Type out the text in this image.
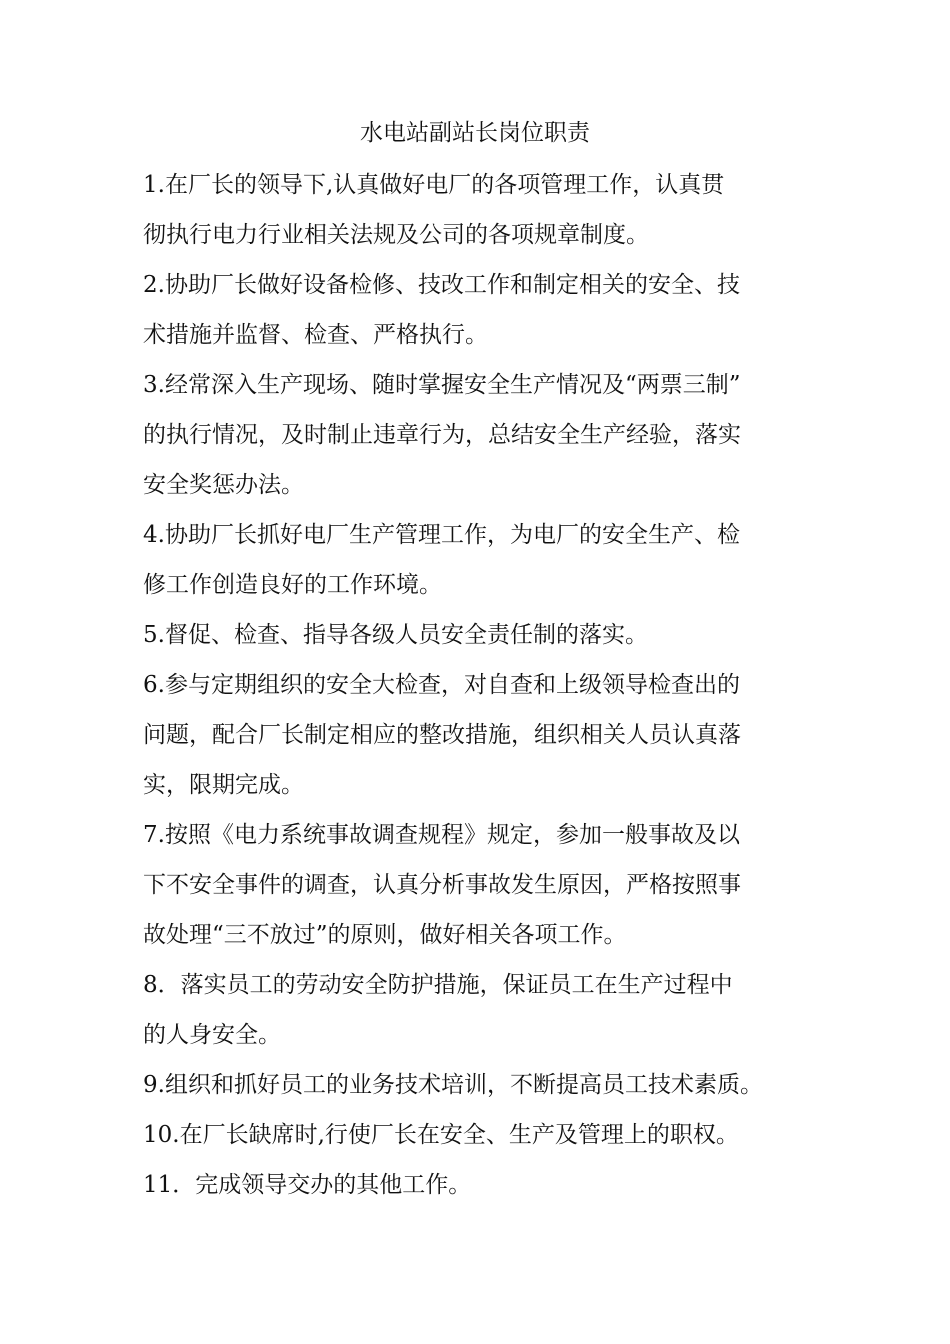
水电站副站长岗位职责

1.在厂长的领导下,认真做好电厂的各项管理工作，认真贯

彻执行电力行业相关法规及公司的各项规章制度。

2.协助厂长做好设备检修、技改工作和制定相关的安全、技

术措施并监督、检查、严格执行。

3.经常深入生产现场、随时掌握安全生产情况及“两票三制”

的执行情况，及时制止违章行为，总结安全生产经验，落实

安全奖惩办法。

4.协助厂长抓好电厂生产管理工作，为电厂的安全生产、检

修工作创造良好的工作环境。

5.督促、检查、指导各级人员安全责任制的落实。

6.参与定期组织的安全大检查，对自查和上级领导检查出的

问题，配合厂长制定相应的整改措施，组织相关人员认真落

实，限期完成。

7.按照《电力系统事故调查规程》规定，参加一般事故及以

下不安全事件的调查，认真分析事故发生原因，严格按照事

故处理“三不放过”的原则，做好相关各项工作。

8．落实员工的劳动安全防护措施，保证员工在生产过程中

的人身安全。

9.组织和抓好员工的业务技术培训，不断提高员工技术素质。

10.在厂长缺席时,行使厂长在安全、生产及管理上的职权。

11．完成领导交办的其他工作。
